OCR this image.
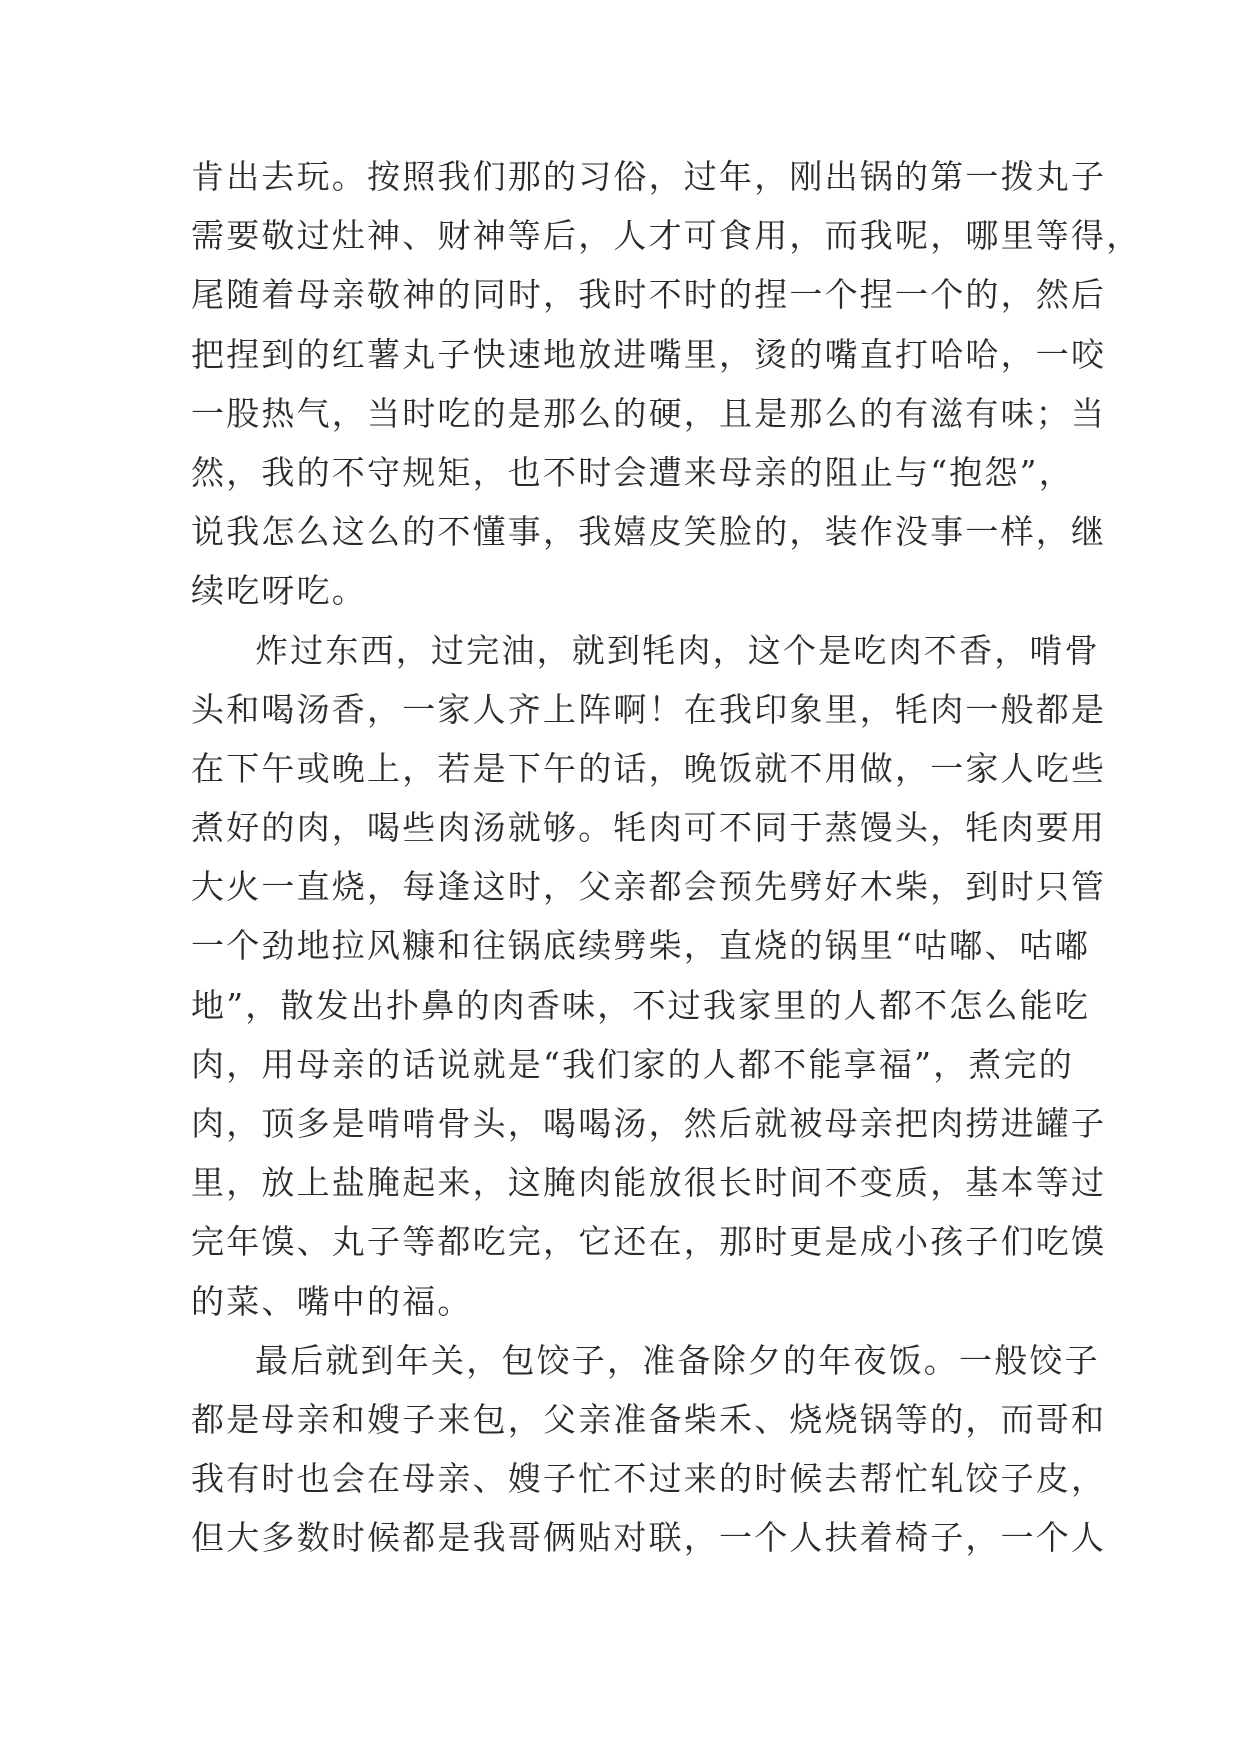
肯出去玩。按照我们那的习俗，过年，刚出锅的第一拨丸子
需要敬过灶神、财神等后，人才可食用，而我呢，哪里等得，
尾随着母亲敬神的同时，我时不时的捏一个捏一个的，然后
把捏到的红薯丸子快速地放进嘴里，烫的嘴直打哈哈，一咬
一股热气，当时吃的是那么的硬，且是那么的有滋有味；当
然，我的不守规矩，也不时会遭来母亲的阻止与“抱怨”，
说我怎么这么的不懂事，我嬉皮笑脸的，装作没事一样，继
续吃呀吃。
炸过东西，过完油，就到牦肉，这个是吃肉不香，啃骨
头和喝汤香，一家人齐上阵啊！在我印象里，牦肉一般都是
在下午或晚上，若是下午的话，晚饭就不用做，一家人吃些
煮好的肉，喝些肉汤就够。牦肉可不同于蒸馒头，牦肉要用
大火一直烧，每逢这时，父亲都会预先劈好木柴，到时只管
一个劲地拉风糠和往锅底续劈柴，直烧的锅里“咕嘟、咕嘟
地”，散发出扑鼻的肉香味，不过我家里的人都不怎么能吃
肉，用母亲的话说就是“我们家的人都不能享福”，煮完的
肉，顶多是啃啃骨头，喝喝汤，然后就被母亲把肉捞进罐子
里，放上盐腌起来，这腌肉能放很长时间不变质，基本等过
完年馍、丸子等都吃完，它还在，那时更是成小孩子们吃馍
的菜、嘴中的福。
最后就到年关，包饺子，准备除夕的年夜饭。一般饺子
都是母亲和嫂子来包，父亲准备柴禾、烧烧锅等的，而哥和
我有时也会在母亲、嫂子忙不过来的时候去帮忙轧饺子皮，
但大多数时候都是我哥俩贴对联，一个人扶着椅子，一个人
